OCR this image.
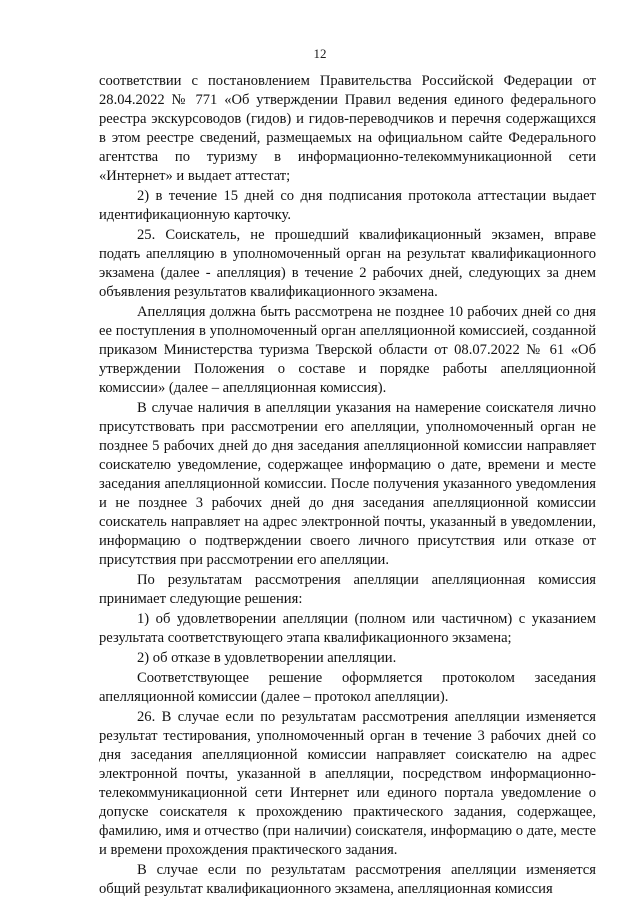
12

соответствии с постановлением Правительства Российской Федерации от 28.04.2022 № 771 «Об утверждении Правил ведения единого федерального реестра экскурсоводов (гидов) и гидов-переводчиков и перечня содержащихся в этом реестре сведений, размещаемых на официальном сайте Федерального агентства по туризму в информационно-телекоммуникационной сети «Интернет» и выдает аттестат;

2) в течение 15 дней со дня подписания протокола аттестации выдает идентификационную карточку.

25. Соискатель, не прошедший квалификационный экзамен, вправе подать апелляцию в уполномоченный орган на результат квалификационного экзамена (далее - апелляция) в течение 2 рабочих дней, следующих за днем объявления результатов квалификационного экзамена.

Апелляция должна быть рассмотрена не позднее 10 рабочих дней со дня ее поступления в уполномоченный орган апелляционной комиссией, созданной приказом Министерства туризма Тверской области от 08.07.2022 № 61 «Об утверждении Положения о составе и порядке работы апелляционной комиссии» (далее – апелляционная комиссия).

В случае наличия в апелляции указания на намерение соискателя лично присутствовать при рассмотрении его апелляции, уполномоченный орган не позднее 5 рабочих дней до дня заседания апелляционной комиссии направляет соискателю уведомление, содержащее информацию о дате, времени и месте заседания апелляционной комиссии. После получения указанного уведомления и не позднее 3 рабочих дней до дня заседания апелляционной комиссии соискатель направляет на адрес электронной почты, указанный в уведомлении, информацию о подтверждении своего личного присутствия или отказе от присутствия при рассмотрении его апелляции.

По результатам рассмотрения апелляции апелляционная комиссия принимает следующие решения:

1) об удовлетворении апелляции (полном или частичном) с указанием результата соответствующего этапа квалификационного экзамена;

2) об отказе в удовлетворении апелляции.

Соответствующее решение оформляется протоколом заседания апелляционной комиссии (далее – протокол апелляции).

26. В случае если по результатам рассмотрения апелляции изменяется результат тестирования, уполномоченный орган в течение 3 рабочих дней со дня заседания апелляционной комиссии направляет соискателю на адрес электронной почты, указанной в апелляции, посредством информационно-телекоммуникационной сети Интернет или единого портала уведомление о допуске соискателя к прохождению практического задания, содержащее, фамилию, имя и отчество (при наличии) соискателя, информацию о дате, месте и времени прохождения практического задания.

В случае если по результатам рассмотрения апелляции изменяется общий результат квалификационного экзамена, апелляционная комиссия
